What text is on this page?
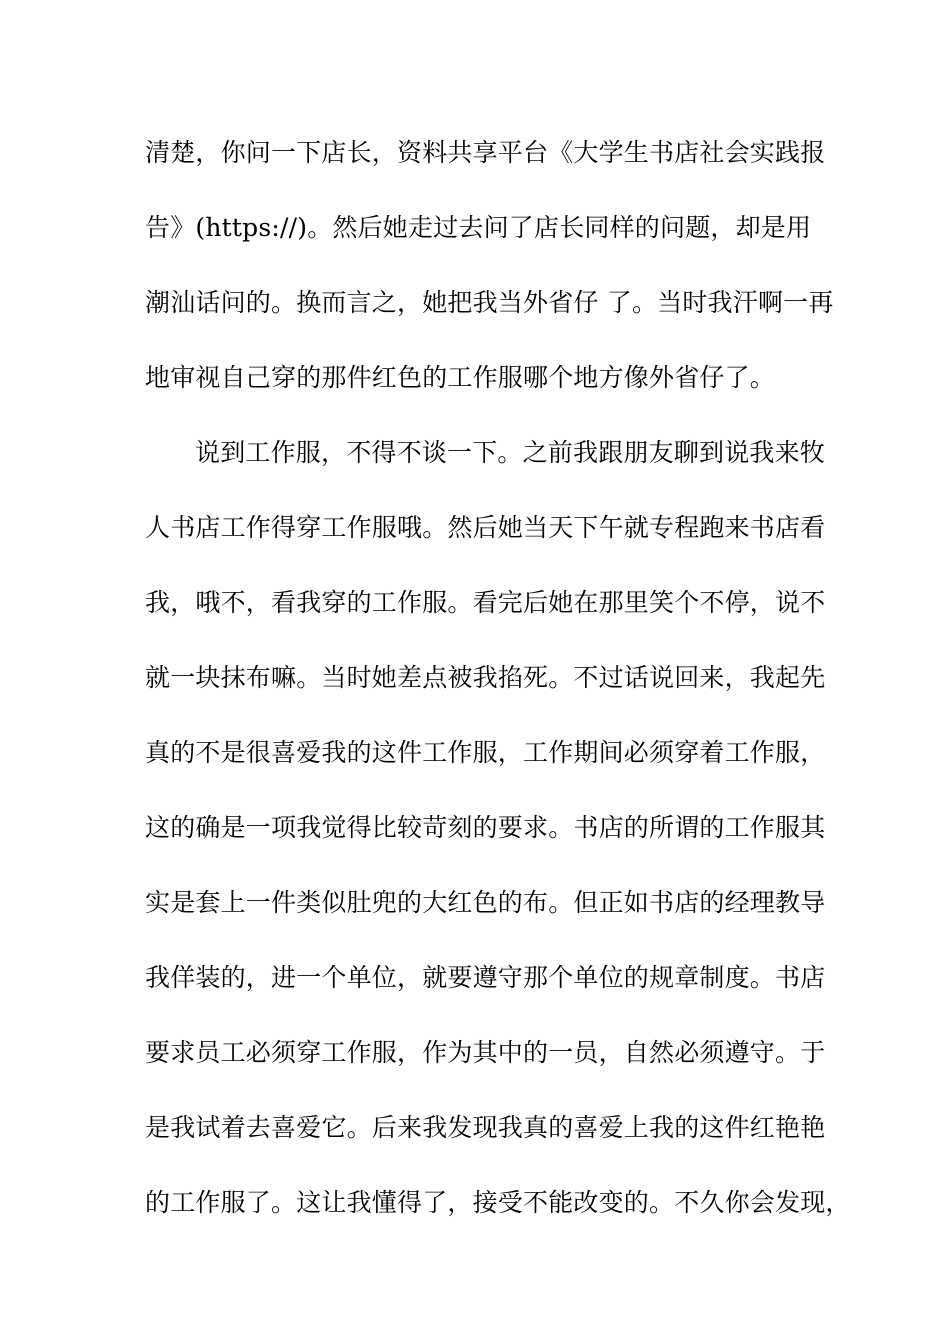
清楚，你问一下店长，资料共享平台《大学生书店社会实践报
告》(https://)。然后她走过去问了店长同样的问题，却是用
潮汕话问的。换而言之，她把我当外省仔 了。当时我汗啊一再
地审视自己穿的那件红色的工作服哪个地方像外省仔了。
说到工作服，不得不谈一下。之前我跟朋友聊到说我来牧
人书店工作得穿工作服哦。然后她当天下午就专程跑来书店看
我，哦不，看我穿的工作服。看完后她在那里笑个不停，说不
就一块抹布嘛。当时她差点被我掐死。不过话说回来，我起先
真的不是很喜爱我的这件工作服，工作期间必须穿着工作服，
这的确是一项我觉得比较苛刻的要求。书店的所谓的工作服其
实是套上一件类似肚兜的大红色的布。但正如书店的经理教导
我佯装的，进一个单位，就要遵守那个单位的规章制度。书店
要求员工必须穿工作服，作为其中的一员，自然必须遵守。于
是我试着去喜爱它。后来我发现我真的喜爱上我的这件红艳艳
的工作服了。这让我懂得了，接受不能改变的。不久你会发现，
